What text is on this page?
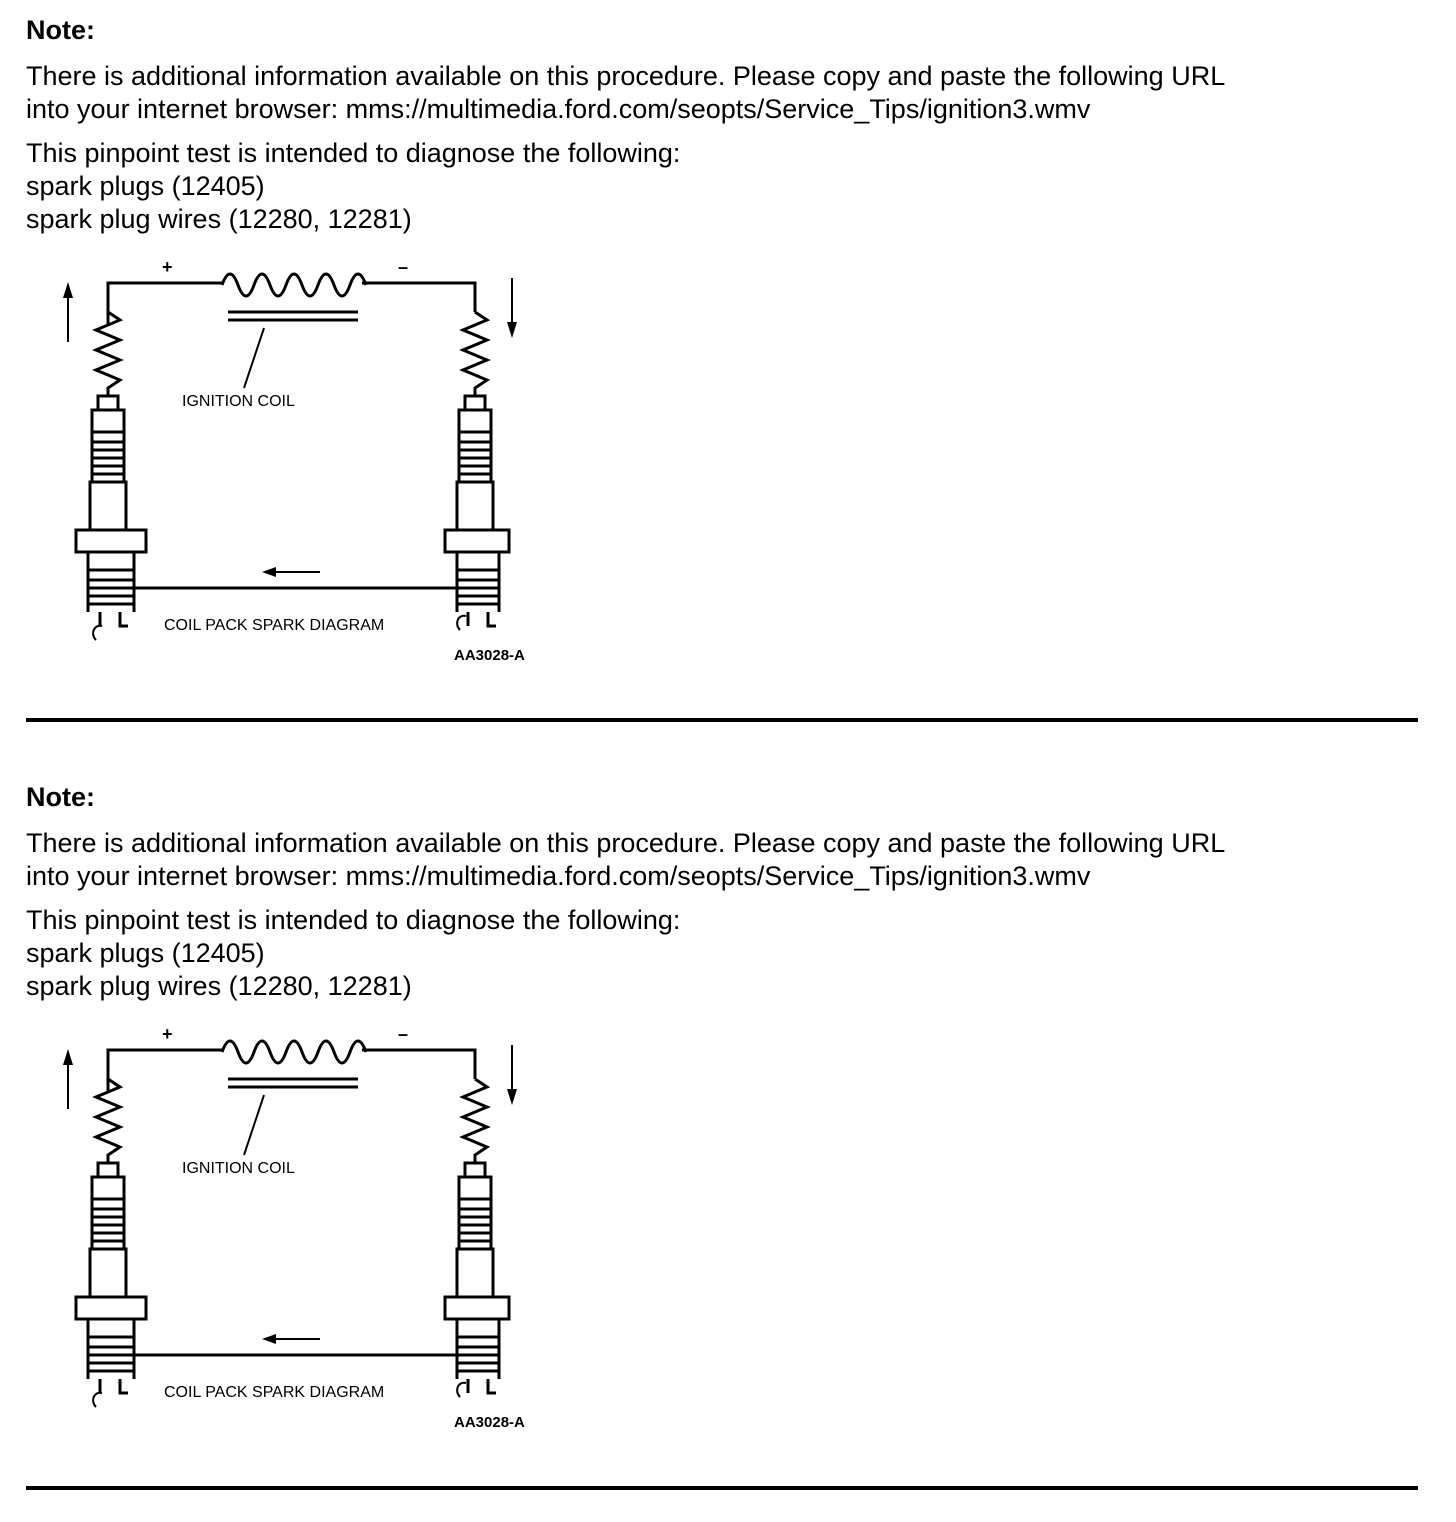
Note:
There is additional information available on this procedure. Please copy and paste the following URL
into your internet browser: mms://multimedia.ford.com/seopts/Service_Tips/ignition3.wmv
This pinpoint test is intended to diagnose the following:
spark plugs (12405)
spark plug wires (12280, 12281)
+	–
IGNITION COIL
COIL PACK SPARK DIAGRAM
AA3028-A
Note:
There is additional information available on this procedure. Please copy and paste the following URL
into your internet browser: mms://multimedia.ford.com/seopts/Service_Tips/ignition3.wmv
This pinpoint test is intended to diagnose the following:
spark plugs (12405)
spark plug wires (12280, 12281)
+	–
IGNITION COIL
COIL PACK SPARK DIAGRAM
AA3028-A
